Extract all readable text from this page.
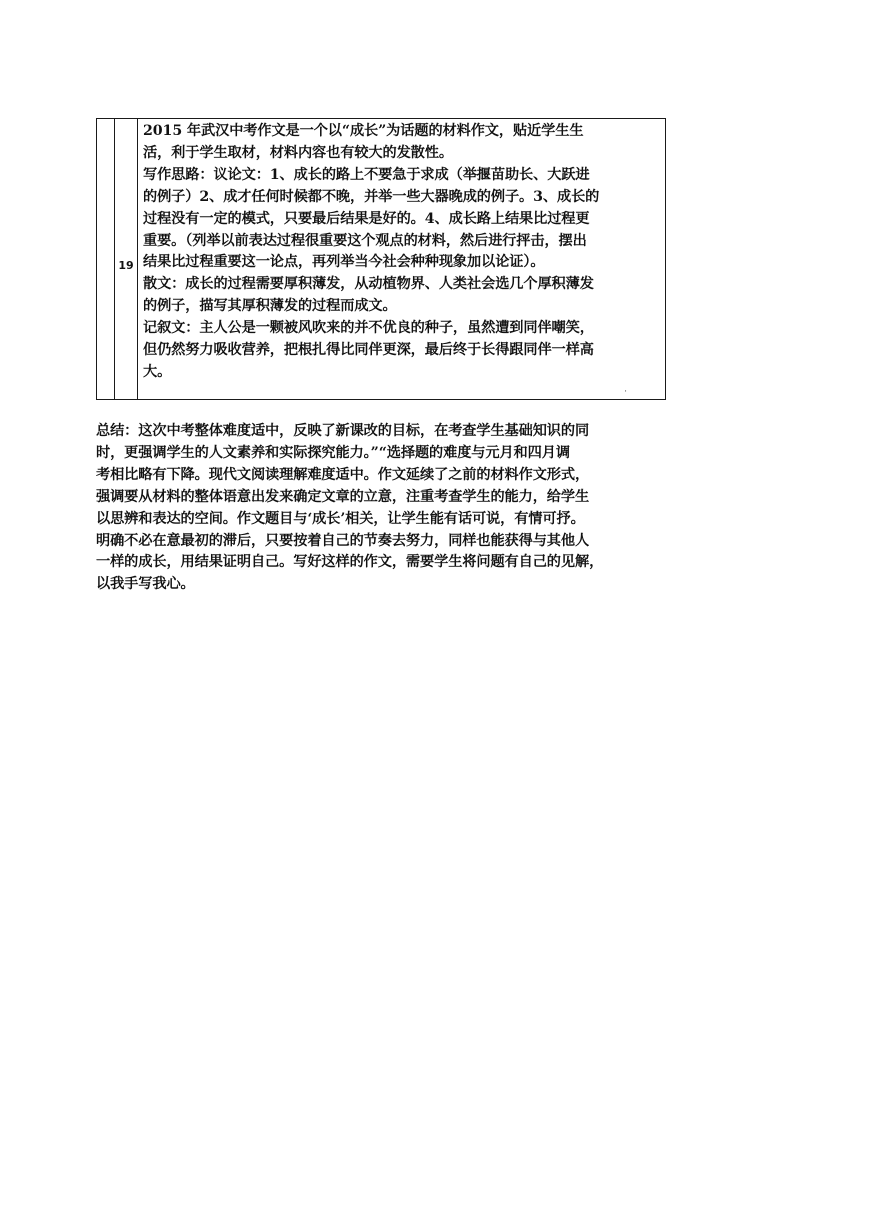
19
2015 年武汉中考作文是一个以“成长”为话题的材料作文，贴近学生生
活，利于学生取材，材料内容也有较大的发散性。
写作思路：议论文：1、成长的路上不要急于求成（举揠苗助长、大跃进
的例子）2、成才任何时候都不晚，并举一些大器晚成的例子。3、成长的
过程没有一定的模式，只要最后结果是好的。4、成长路上结果比过程更
重要。（列举以前表达过程很重要这个观点的材料，然后进行抨击，摆出
结果比过程重要这一论点，再列举当今社会种种现象加以论证）。
散文：成长的过程需要厚积薄发，从动植物界、人类社会选几个厚积薄发
的例子，描写其厚积薄发的过程而成文。
记叙文：主人公是一颗被风吹来的并不优良的种子，虽然遭到同伴嘲笑，
但仍然努力吸收营养，把根扎得比同伴更深，最后终于长得跟同伴一样高
大。
·
总结：这次中考整体难度适中，反映了新课改的目标，在考查学生基础知识的同
时，更强调学生的人文素养和实际探究能力。”“选择题的难度与元月和四月调
考相比略有下降。现代文阅读理解难度适中。作文延续了之前的材料作文形式，
强调要从材料的整体语意出发来确定文章的立意，注重考查学生的能力，给学生
以思辨和表达的空间。作文题目与‘成长’相关，让学生能有话可说，有情可抒。
明确不必在意最初的滞后，只要按着自己的节奏去努力，同样也能获得与其他人
一样的成长，用结果证明自己。写好这样的作文，需要学生将问题有自己的见解，
以我手写我心。
